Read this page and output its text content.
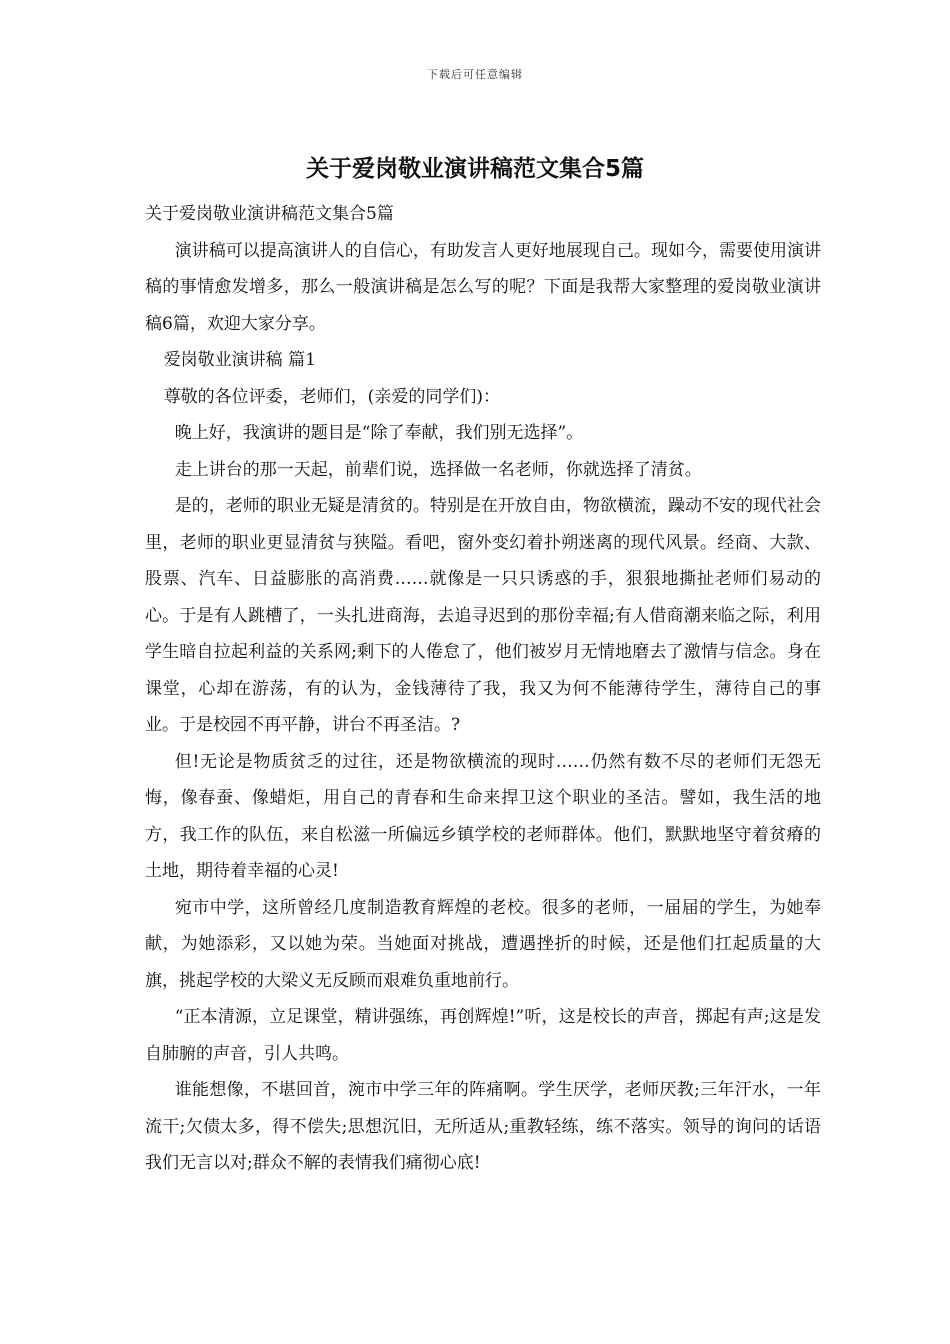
下载后可任意编辑
关于爱岗敬业演讲稿范文集合5篇

关于爱岗敬业演讲稿范文集合5篇

演讲稿可以提高演讲人的自信心，有助发言人更好地展现自己。现如今，需要使用演讲稿的事情愈发增多，那么一般演讲稿是怎么写的呢？下面是我帮大家整理的爱岗敬业演讲稿6篇，欢迎大家分享。

爱岗敬业演讲稿 篇1

尊敬的各位评委，老师们，(亲爱的同学们)：

晚上好，我演讲的题目是“除了奉献，我们别无选择”。

走上讲台的那一天起，前辈们说，选择做一名老师，你就选择了清贫。

是的，老师的职业无疑是清贫的。特别是在开放自由，物欲横流，躁动不安的现代社会里，老师的职业更显清贫与狭隘。看吧，窗外变幻着扑朔迷离的现代风景。经商、大款、股票、汽车、日益膨胀的高消费……就像是一只只诱惑的手，狠狠地撕扯老师们易动的心。于是有人跳槽了，一头扎进商海，去追寻迟到的那份幸福;有人借商潮来临之际，利用学生暗自拉起利益的关系网;剩下的人倦怠了，他们被岁月无情地磨去了激情与信念。身在课堂，心却在游荡，有的认为，金钱薄待了我，我又为何不能薄待学生，薄待自己的事业。于是校园不再平静，讲台不再圣洁。?

但!无论是物质贫乏的过往，还是物欲横流的现时……仍然有数不尽的老师们无怨无悔，像春蚕、像蜡炬，用自己的青春和生命来捍卫这个职业的圣洁。譬如，我生活的地方，我工作的队伍，来自松滋一所偏远乡镇学校的老师群体。他们，默默地坚守着贫瘠的土地，期待着幸福的心灵!

宛市中学，这所曾经几度制造教育辉煌的老校。很多的老师，一届届的学生，为她奉献，为她添彩，又以她为荣。当她面对挑战，遭遇挫折的时候，还是他们扛起质量的大旗，挑起学校的大梁义无反顾而艰难负重地前行。

“正本清源，立足课堂，精讲强练，再创辉煌!”听，这是校长的声音，掷起有声;这是发自肺腑的声音，引人共鸣。

谁能想像，不堪回首，涴市中学三年的阵痛啊。学生厌学，老师厌教;三年汗水，一年流干;欠债太多，得不偿失;思想沉旧，无所适从;重教轻练，练不落实。领导的询问的话语我们无言以对;群众不解的表情我们痛彻心底!
